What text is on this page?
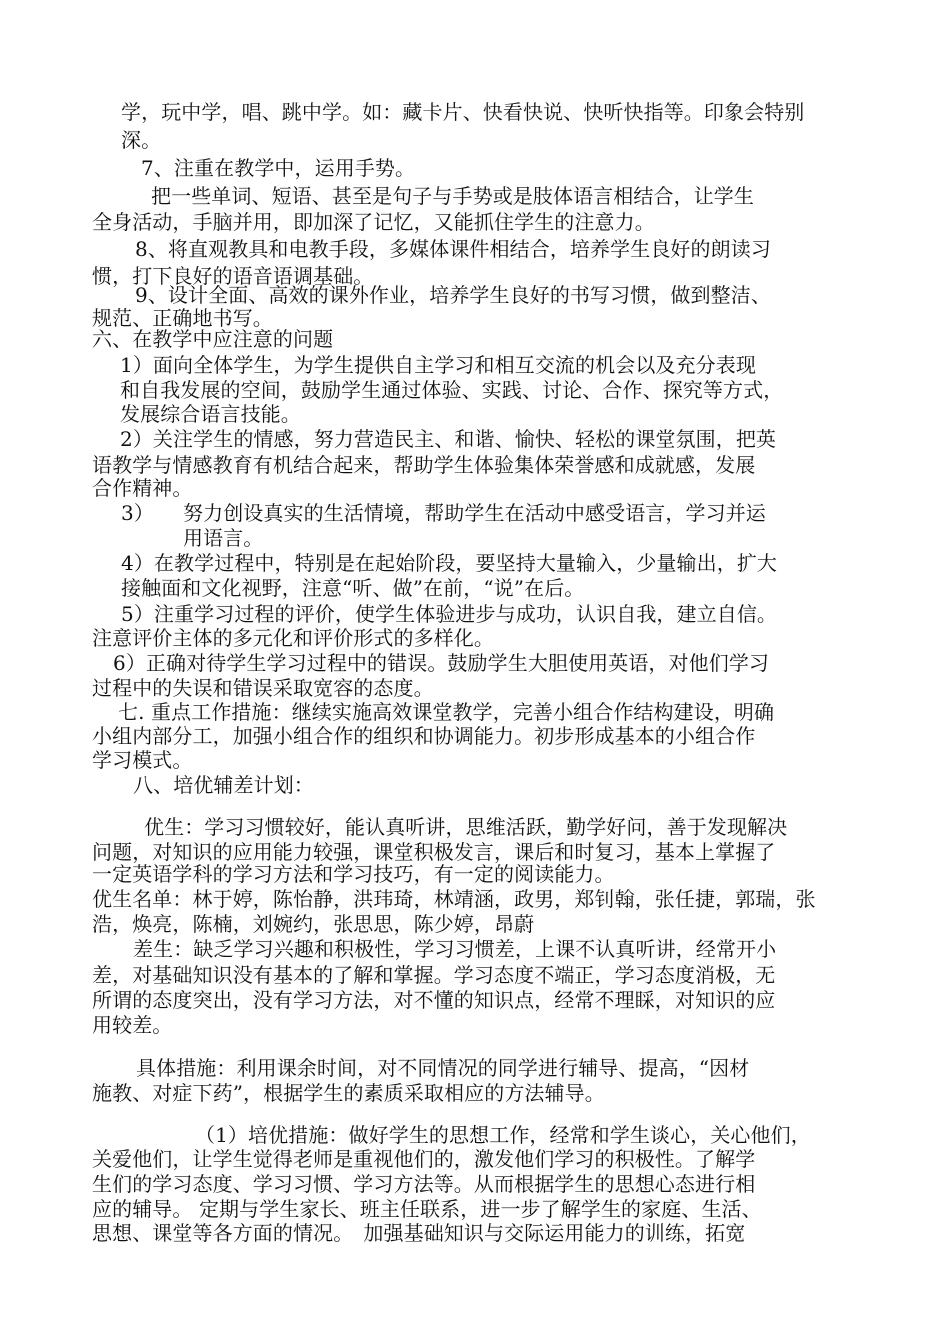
学，玩中学，唱、跳中学。如：藏卡片、快看快说、快听快指等。印象会特别

深。

7、注重在教学中，运用手势。

把一些单词、短语、甚至是句子与手势或是肢体语言相结合，让学生

全身活动，手脑并用，即加深了记忆，又能抓住学生的注意力。

8、将直观教具和电教手段，多媒体课件相结合，培养学生良好的朗读习

惯，打下良好的语音语调基础。

9、设计全面、高效的课外作业，培养学生良好的书写习惯，做到整洁、

规范、正确地书写。

六、在教学中应注意的问题

1）面向全体学生，为学生提供自主学习和相互交流的机会以及充分表现

和自我发展的空间，鼓励学生通过体验、实践、讨论、合作、探究等方式，

发展综合语言技能。

2）关注学生的情感，努力营造民主、和谐、愉快、轻松的课堂氛围，把英

语教学与情感教育有机结合起来，帮助学生体验集体荣誉感和成就感，发展

合作精神。

3） 努力创设真实的生活情境，帮助学生在活动中感受语言，学习并运

用语言。

4）在教学过程中，特别是在起始阶段，要坚持大量输入，少量输出，扩大

接触面和文化视野，注意“听、做”在前，“说”在后。

5）注重学习过程的评价，使学生体验进步与成功，认识自我，建立自信。

注意评价主体的多元化和评价形式的多样化。

6）正确对待学生学习过程中的错误。鼓励学生大胆使用英语，对他们学习

过程中的失误和错误采取宽容的态度。

七. 重点工作措施：继续实施高效课堂教学，完善小组合作结构建设，明确

小组内部分工，加强小组合作的组织和协调能力。初步形成基本的小组合作

学习模式。

八、培优辅差计划：

优生：学习习惯较好，能认真听讲，思维活跃，勤学好问，善于发现解决

问题，对知识的应用能力较强，课堂积极发言，课后和时复习，基本上掌握了

一定英语学科的学习方法和学习技巧，有一定的阅读能力。

优生名单：林于婷，陈怡静，洪玮琦，林靖涵，政男，郑钊翰，张任捷，郭瑞，张

浩，焕亮，陈楠，刘婉约，张思思，陈少婷，昂蔚

差生：缺乏学习兴趣和积极性，学习习惯差，上课不认真听讲，经常开小

差，对基础知识没有基本的了解和掌握。学习态度不端正，学习态度消极，无

所谓的态度突出，没有学习方法，对不懂的知识点，经常不理睬，对知识的应

用较差。

具体措施：利用课余时间，对不同情况的同学进行辅导、提高，“因材

施教、对症下药”，根据学生的素质采取相应的方法辅导。

（1）培优措施：做好学生的思想工作，经常和学生谈心，关心他们，

关爱他们，让学生觉得老师是重视他们的，激发他们学习的积极性。了解学

生们的学习态度、学习习惯、学习方法等。从而根据学生的思想心态进行相

应的辅导。 定期与学生家长、班主任联系，进一步了解学生的家庭、生活、

思想、课堂等各方面的情况。　加强基础知识与交际运用能力的训练，拓宽
